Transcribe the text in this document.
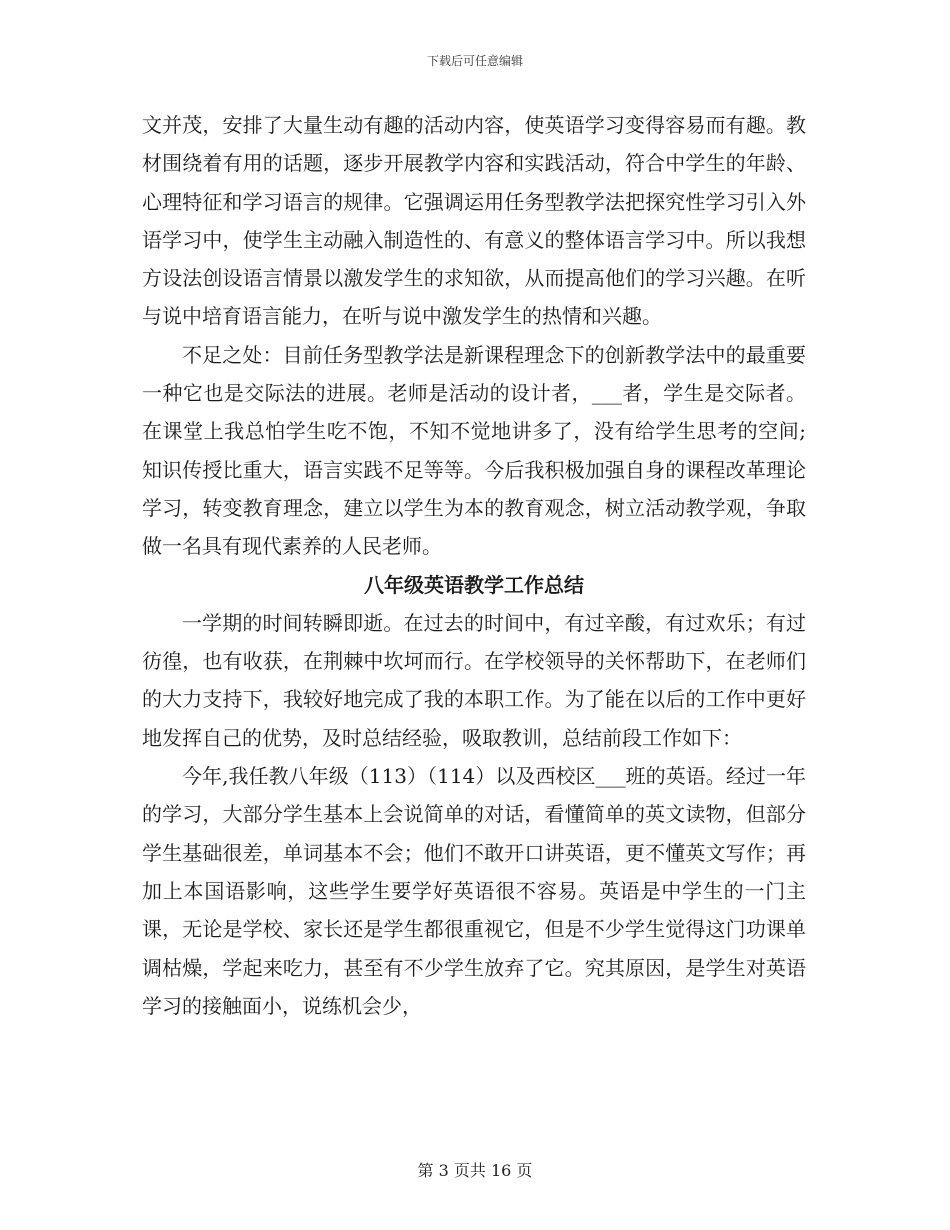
下载后可任意编辑

文并茂，安排了大量生动有趣的活动内容，使英语学习变得容易而有趣。教材围绕着有用的话题，逐步开展教学内容和实践活动，符合中学生的年龄、心理特征和学习语言的规律。它强调运用任务型教学法把探究性学习引入外语学习中，使学生主动融入制造性的、有意义的整体语言学习中。所以我想方设法创设语言情景以激发学生的求知欲，从而提高他们的学习兴趣。在听与说中培育语言能力，在听与说中激发学生的热情和兴趣。

不足之处：目前任务型教学法是新课程理念下的创新教学法中的最重要一种它也是交际法的进展。老师是活动的设计者，___者，学生是交际者。在课堂上我总怕学生吃不饱，不知不觉地讲多了，没有给学生思考的空间;知识传授比重大，语言实践不足等等。今后我积极加强自身的课程改革理论学习，转变教育理念，建立以学生为本的教育观念，树立活动教学观，争取做一名具有现代素养的人民老师。

八年级英语教学工作总结

一学期的时间转瞬即逝。在过去的时间中，有过辛酸，有过欢乐；有过彷徨，也有收获，在荆棘中坎坷而行。在学校领导的关怀帮助下，在老师们的大力支持下，我较好地完成了我的本职工作。为了能在以后的工作中更好地发挥自己的优势，及时总结经验，吸取教训，总结前段工作如下：

今年,我任教八年级（113）（114）以及西校区___班的英语。经过一年的学习，大部分学生基本上会说简单的对话，看懂简单的英文读物，但部分学生基础很差，单词基本不会；他们不敢开口讲英语，更不懂英文写作；再加上本国语影响，这些学生要学好英语很不容易。英语是中学生的一门主课，无论是学校、家长还是学生都很重视它，但是不少学生觉得这门功课单调枯燥，学起来吃力，甚至有不少学生放弃了它。究其原因，是学生对英语学习的接触面小，说练机会少，

第 3 页共 16 页
